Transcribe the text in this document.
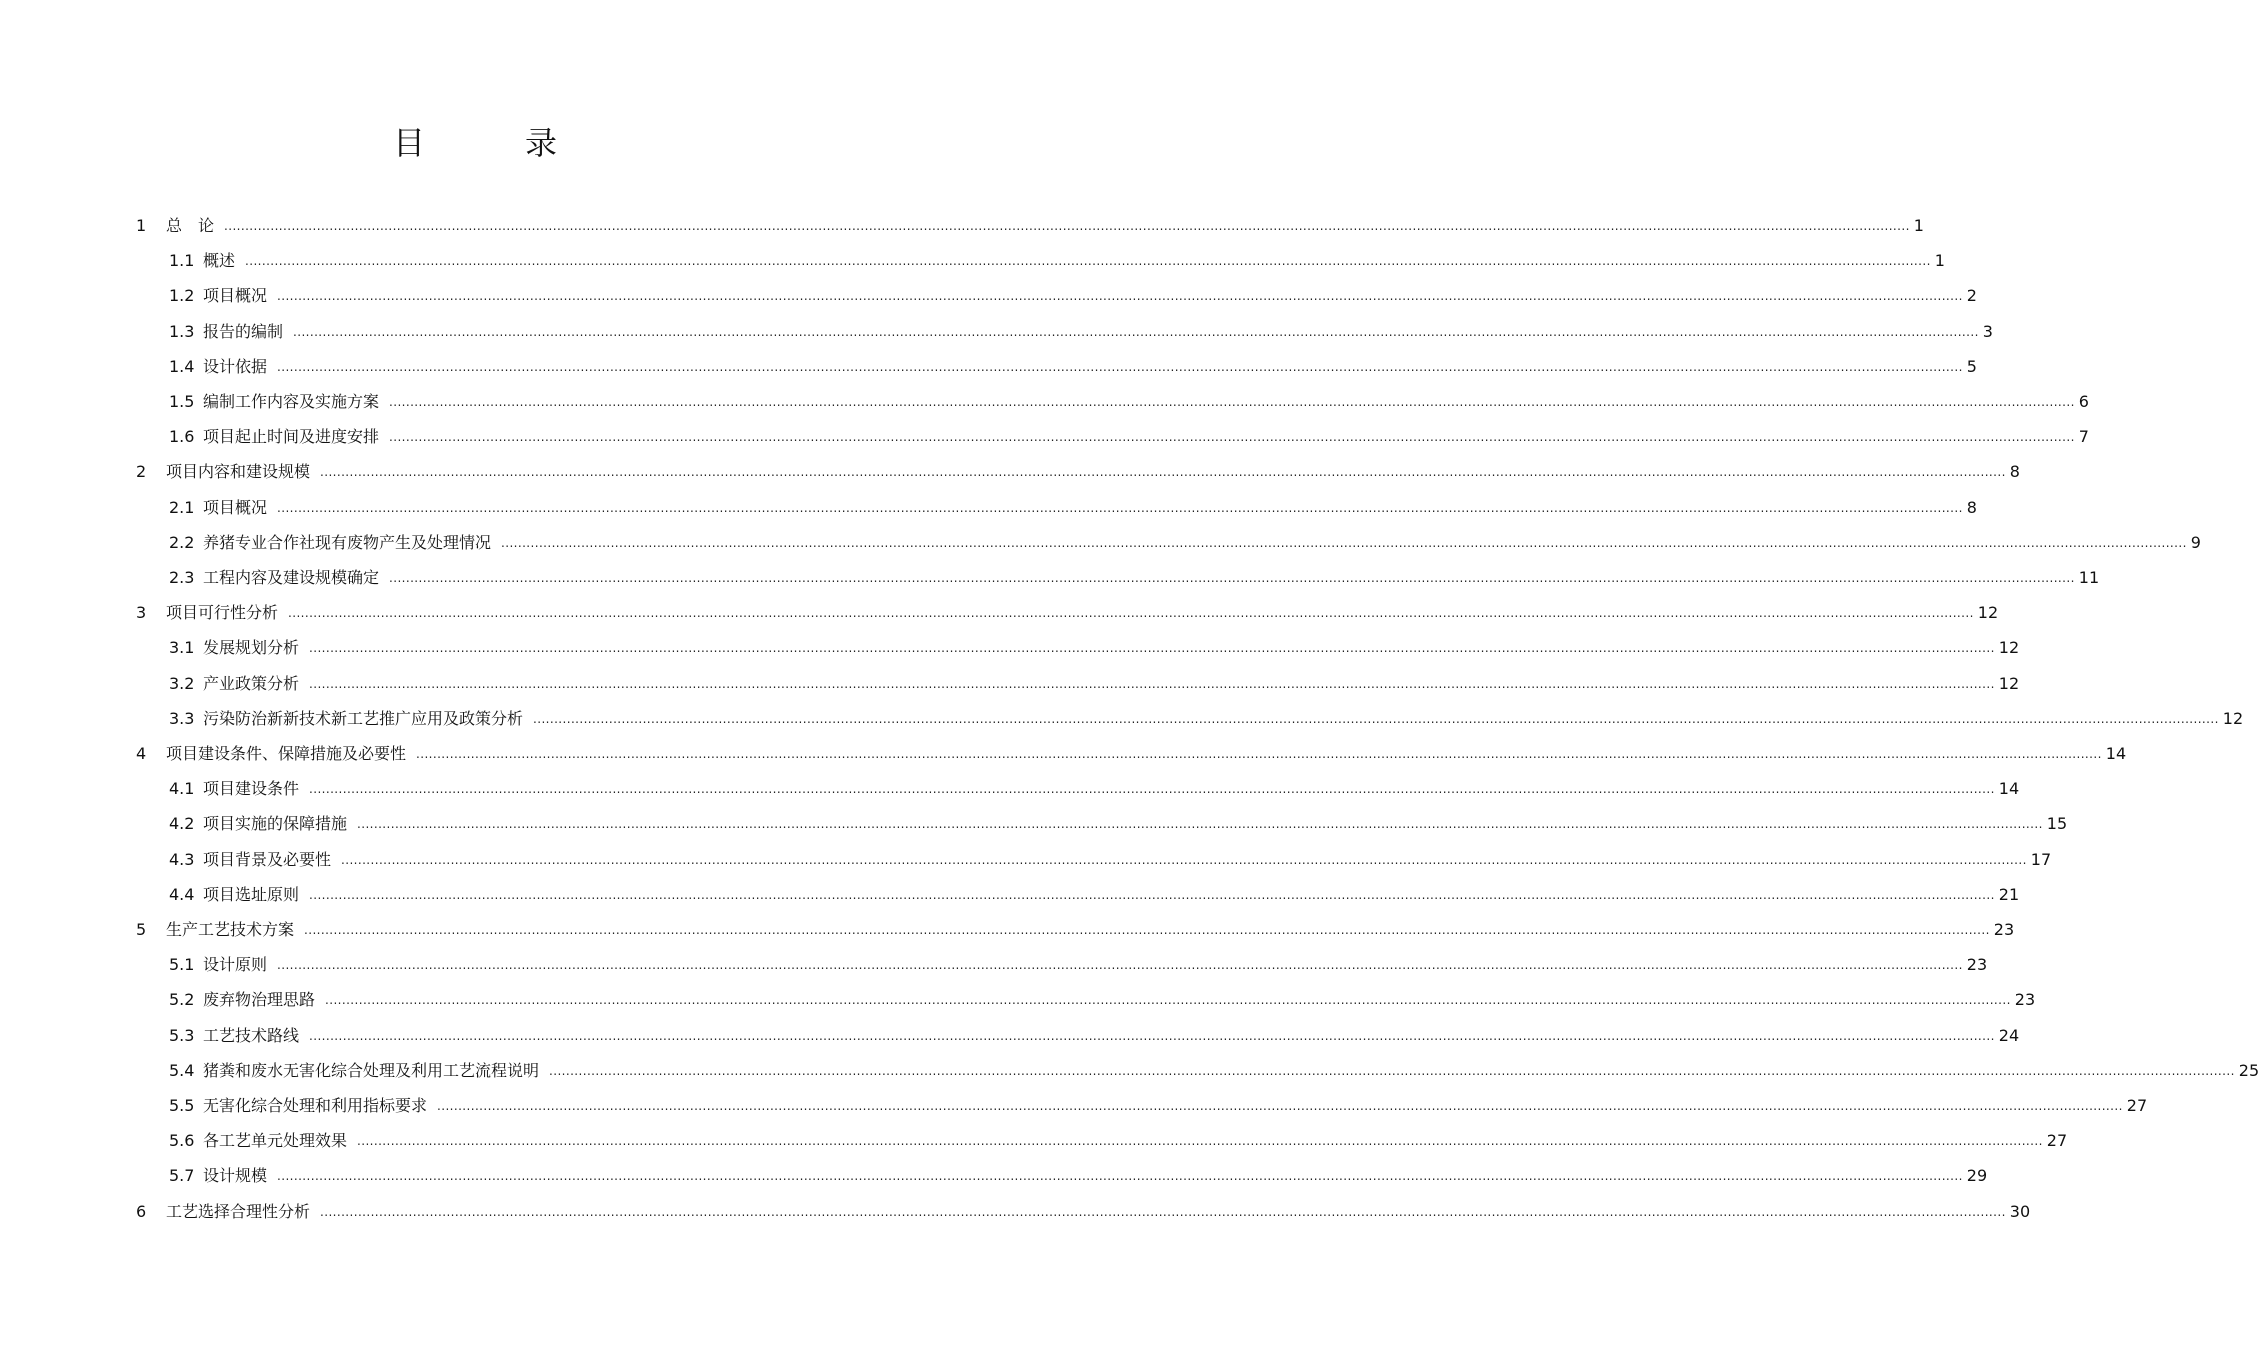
目　录
1	总　论 ................................................................................................................................................................................................................................................................................................................................................................................................................ 1
1.1 概述 ................................................................................................................................................................................................................................................................................................................................................................................................................ 1
1.2 项目概况 ................................................................................................................................................................................................................................................................................................................................................................................................................ 2
1.3 报告的编制 ................................................................................................................................................................................................................................................................................................................................................................................................................ 3
1.4 设计依据 ................................................................................................................................................................................................................................................................................................................................................................................................................ 5
1.5 编制工作内容及实施方案 ................................................................................................................................................................................................................................................................................................................................................................................................................ 6
1.6 项目起止时间及进度安排 ................................................................................................................................................................................................................................................................................................................................................................................................................ 7
2	项目内容和建设规模 ................................................................................................................................................................................................................................................................................................................................................................................................................ 8
2.1 项目概况 ................................................................................................................................................................................................................................................................................................................................................................................................................ 8
2.2 养猪专业合作社现有废物产生及处理情况 ................................................................................................................................................................................................................................................................................................................................................................................................................ 9
2.3 工程内容及建设规模确定 ................................................................................................................................................................................................................................................................................................................................................................................................................ 11
3	项目可行性分析 ................................................................................................................................................................................................................................................................................................................................................................................................................ 12
3.1 发展规划分析 ................................................................................................................................................................................................................................................................................................................................................................................................................ 12
3.2 产业政策分析 ................................................................................................................................................................................................................................................................................................................................................................................................................ 12
3.3 污染防治新新技术新工艺推广应用及政策分析 ................................................................................................................................................................................................................................................................................................................................................................................................................ 12
4	项目建设条件、保障措施及必要性 ................................................................................................................................................................................................................................................................................................................................................................................................................ 14
4.1 项目建设条件 ................................................................................................................................................................................................................................................................................................................................................................................................................ 14
4.2 项目实施的保障措施 ................................................................................................................................................................................................................................................................................................................................................................................................................ 15
4.3 项目背景及必要性 ................................................................................................................................................................................................................................................................................................................................................................................................................ 17
4.4 项目选址原则 ................................................................................................................................................................................................................................................................................................................................................................................................................ 21
5	生产工艺技术方案 ................................................................................................................................................................................................................................................................................................................................................................................................................ 23
5.1 设计原则 ................................................................................................................................................................................................................................................................................................................................................................................................................ 23
5.2 废弃物治理思路 ................................................................................................................................................................................................................................................................................................................................................................................................................ 23
5.3 工艺技术路线 ................................................................................................................................................................................................................................................................................................................................................................................................................ 24
5.4 猪粪和废水无害化综合处理及利用工艺流程说明 ................................................................................................................................................................................................................................................................................................................................................................................................................ 25
5.5 无害化综合处理和利用指标要求 ................................................................................................................................................................................................................................................................................................................................................................................................................ 27
5.6 各工艺单元处理效果 ................................................................................................................................................................................................................................................................................................................................................................................................................ 27
5.7 设计规模 ................................................................................................................................................................................................................................................................................................................................................................................................................ 29
6	工艺选择合理性分析 ................................................................................................................................................................................................................................................................................................................................................................................................................ 30
